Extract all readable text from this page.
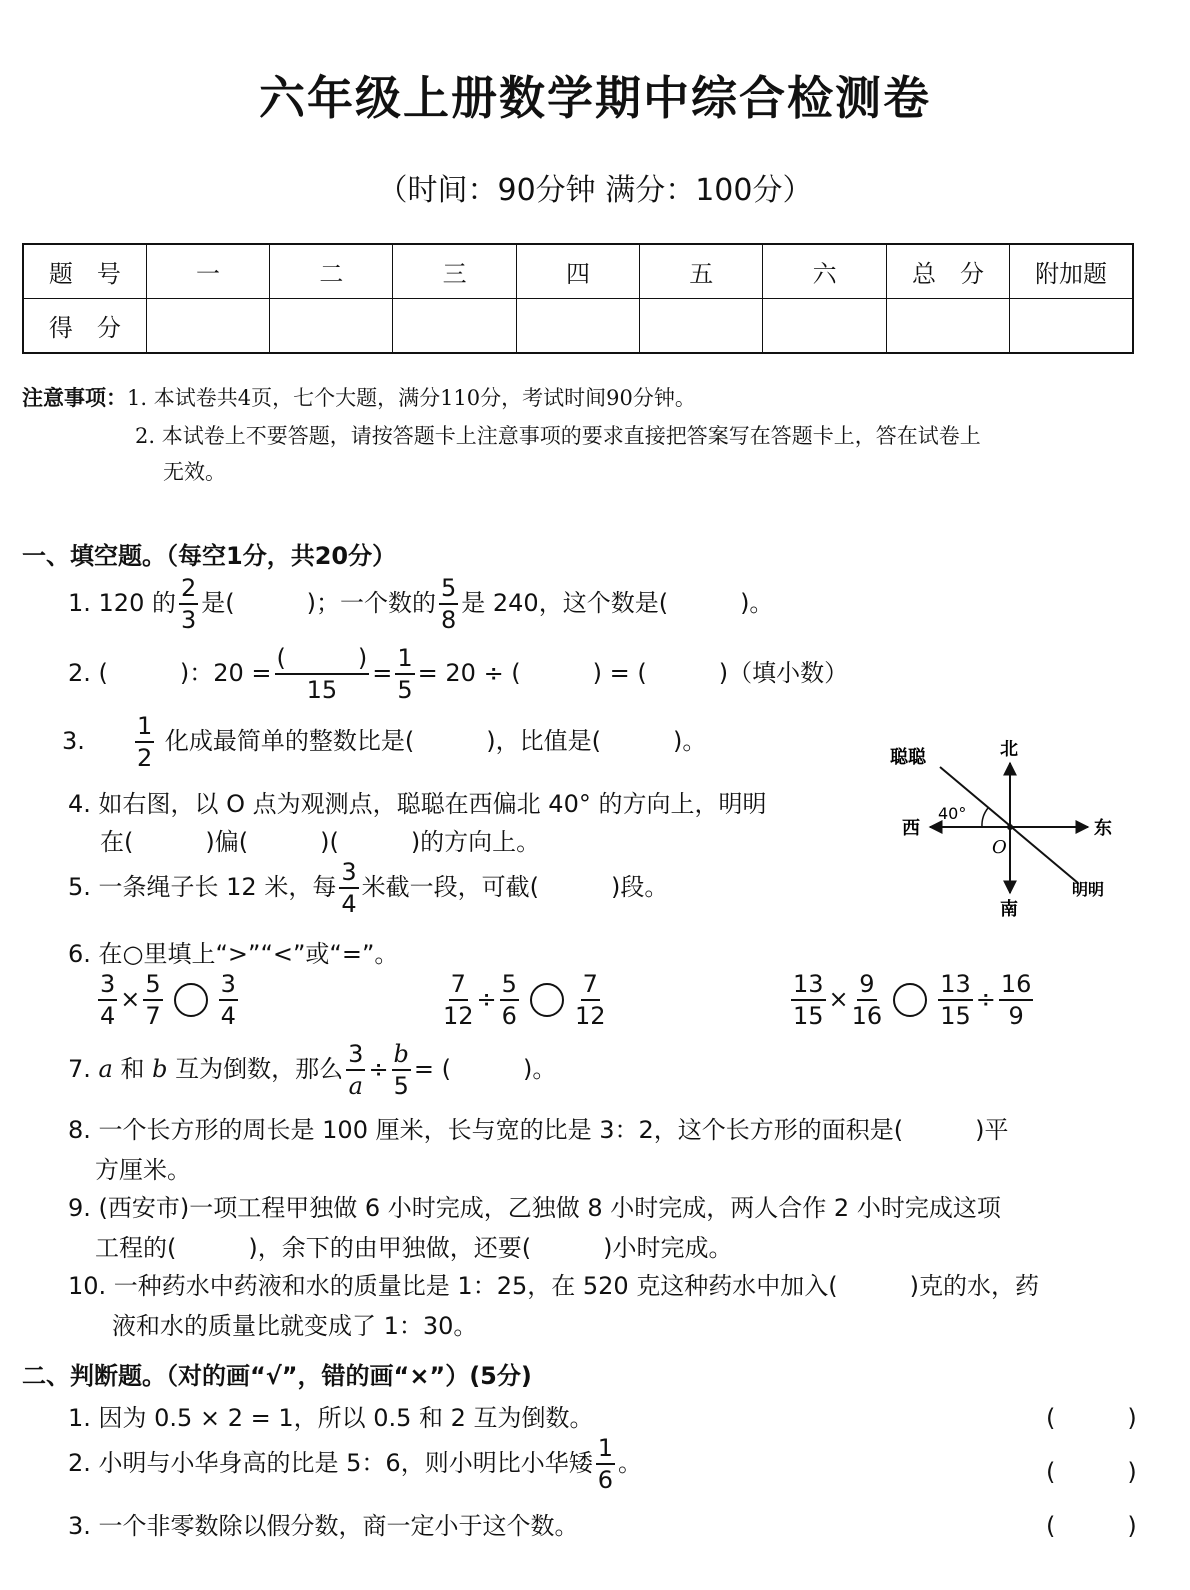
六年级上册数学期中综合检测卷
（时间：90分钟 满分：100分）
题　号	一	二	三	四	五	六	总　分	附加题
得　分								
注意事项：1. 本试卷共4页，七个大题，满分110分，考试时间90分钟。
2. 本试卷上不要答题，请按答题卡上注意事项的要求直接把答案写在答题卡上，答在试卷上
无效。
一、填空题。（每空1分，共20分）
1. 120 的 $\frac{2}{3}$ 是(　　　)；一个数的 $\frac{5}{8}$ 是 240，这个数是(　　　)。
2. (　　　)：$20 = \frac{( )}{15} = \frac{1}{5} = 20$ ÷ (　　　) = (　　　)（填小数）
3. $\frac{1}{2}$ 化成最简单的整数比是(　　　)，比值是(　　　)。
4. 如右图，以 O 点为观测点，聪聪在西偏北 40° 的方向上，明明
在(　　　)偏(　　　)(　　　)的方向上。
5. 一条绳子长 12 米，每 $\frac{3}{4}$ 米截一段，可截(　　　)段。
6. 在○里填上“>”“<”或“=”。
$\frac{3}{4} \times \frac{5}{7} \frac{3}{4}$	$\frac{7}{12} \div \frac{5}{6} \frac{7}{12}$	$\frac{13}{15} \times \frac{9}{16} \frac{13}{15} \div \frac{16}{9}$
7. a 和 b 互为倒数，那么 $\frac{3}{a} \div \frac{b}{5}$ = (　　　)。
8. 一个长方形的周长是 100 厘米，长与宽的比是 3：2，这个长方形的面积是(　　　)平
方厘米。
9. (西安市)一项工程甲独做 6 小时完成，乙独做 8 小时完成，两人合作 2 小时完成这项
工程的(　　　)，余下的由甲独做，还要(　　　)小时完成。
10. 一种药水中药液和水的质量比是 1：25，在 520 克这种药水中加入(　　　)克的水，药
液和水的质量比就变成了 1：30。
北
南
东
西
O
40°
聪聪
明明
二、判断题。（对的画“√”，错的画“×”）(5分)
1. 因为 0.5 × 2 = 1，所以 0.5 和 2 互为倒数。	(　　　)
2. 小明与小华身高的比是 5：6，则小明比小华矮 $\frac{1}{6}$ 。	(　　　)
3. 一个非零数除以假分数，商一定小于这个数。	(　　　)
